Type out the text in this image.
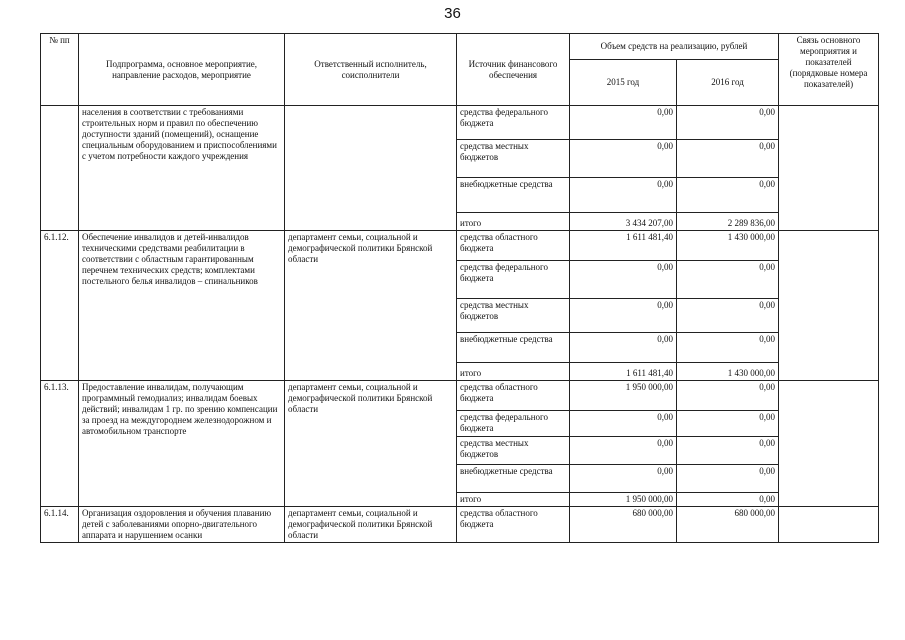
36
№ пп	Подпрограмма, основное мероприятие, направление расходов, мероприятие	Ответственный исполнитель, соисполнители	Источник финансового обеспечения	Объем средств на реализацию, рублей		Связь основного мероприятия и показателей (порядковые номера показателей)
				2015 год	2016 год	
	населения в соответствии с требованиями строительных норм и правил по обеспечению доступности зданий (помещений), оснащение специальным оборудованием и приспособлениями с учетом потребности каждого учреждения		средства федерального бюджета	0,00	0,00	
			средства местных бюджетов	0,00	0,00	
			внебюджетные средства	0,00	0,00	
			итого	3 434 207,00	2 289 836,00	
6.1.12.	Обеспечение инвалидов и детей-инвалидов техническими средствами реабилитации в соответствии с областным гарантированным перечнем технических средств; комплектами постельного белья инвалидов – спинальников	департамент семьи, социальной и демографической политики Брянской области	средства областного бюджета	1 611 481,40	1 430 000,00	
			средства федерального бюджета	0,00	0,00	
			средства местных бюджетов	0,00	0,00	
			внебюджетные средства	0,00	0,00	
			итого	1 611 481,40	1 430 000,00	
6.1.13.	Предоставление инвалидам, получающим программный гемодиализ; инвалидам боевых действий; инвалидам 1 гр. по зрению компенсации за проезд на междугороднем железнодорожном и автомобильном транспорте	департамент семьи, социальной и демографической политики Брянской области	средства областного бюджета	1 950 000,00	0,00	
			средства федерального бюджета	0,00	0,00	
			средства местных бюджетов	0,00	0,00	
			внебюджетные средства	0,00	0,00	
			итого	1 950 000,00	0,00	
6.1.14.	Организация оздоровления и обучения плаванию детей с заболеваниями опорно-двигательного аппарата и нарушением осанки	департамент семьи, социальной и демографической политики Брянской области	средства областного бюджета	680 000,00	680 000,00	
